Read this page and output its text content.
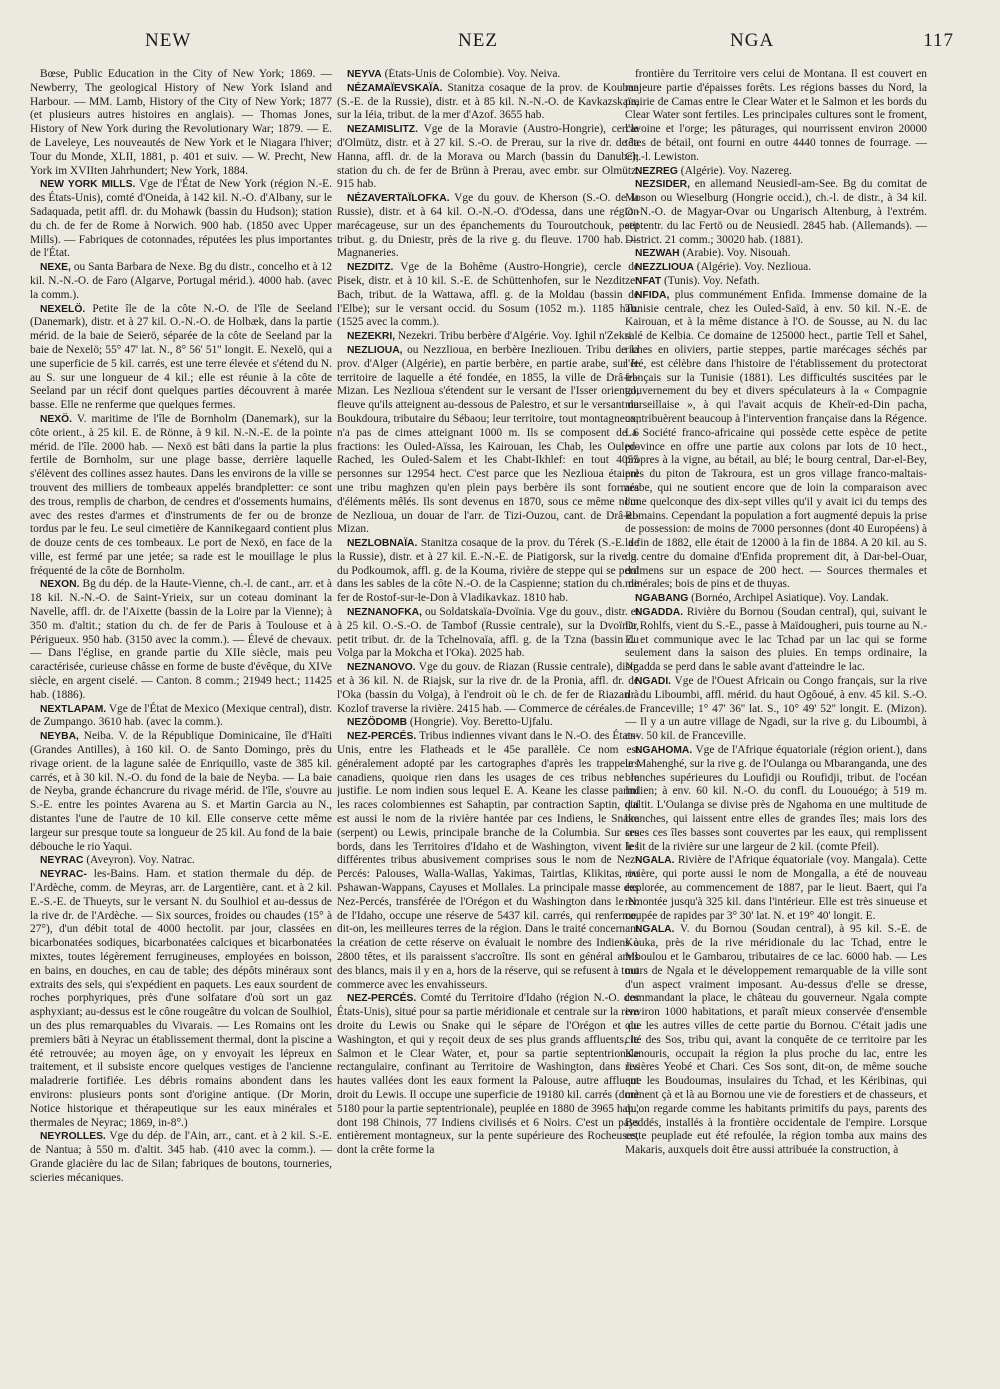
NEW	NEZ	NGA	117

Bœse, Public Education in the City of New York; 1869. — Newberry, The geological History of New York Island and Harbour. — MM. Lamb, History of the City of New York; 1877 (et plusieurs autres histoires en anglais). — Thomas Jones, History of New York during the Revolutionary War; 1879. — E. de Laveleye, Les nouveautés de New York et le Niagara l'hiver; Tour du Monde, XLII, 1881, p. 401 et suiv. — W. Precht, New York im XVIIten Jahrhundert; New York, 1884.

NEW YORK MILLS. Vge de l'État de New York (région N.-E. des États-Unis), comté d'Oneida, à 142 kil. N.-O. d'Albany, sur le Sadaquada, petit affl. dr. du Mohawk (bassin du Hudson); station du ch. de fer de Rome à Norwich. 900 hab. (1850 avec Upper Mills). — Fabriques de cotonnades, réputées les plus importantes de l'État.

NEXE, ou Santa Barbara de Nexe. Bg du distr., concelho et à 12 kil. N.-N.-O. de Faro (Algarve, Portugal mérid.). 4000 hab. (avec la comm.).

NEXELÖ. Petite île de la côte N.-O. de l'île de Seeland (Danemark), distr. et à 27 kil. O.-N.-O. de Holbæk, dans la partie mérid. de la baie de Seierö, séparée de la côte de Seeland par la baie de Nexelö; 55° 47' lat. N., 8° 56' 51'' longit. E. Nexelö, qui a une superficie de 5 kil. carrés, est une terre élevée et s'étend du N. au S. sur une longueur de 4 kil.; elle est réunie à la côte de Seeland par un récif dont quelques parties découvrent à marée basse. Elle ne renferme que quelques fermes.

NEXÖ. V. maritime de l'île de Bornholm (Danemark), sur la côte orient., à 25 kil. E. de Rönne, à 9 kil. N.-N.-E. de la pointe mérid. de l'île. 2000 hab. — Nexö est bâti dans la partie la plus fertile de Bornholm, sur une plage basse, derrière laquelle s'élèvent des collines assez hautes. Dans les environs de la ville se trouvent des milliers de tombeaux appelés brandpletter: ce sont des trous, remplis de charbon, de cendres et d'ossements humains, avec des restes d'armes et d'instruments de fer ou de bronze tordus par le feu. Le seul cimetière de Kannikegaard contient plus de douze cents de ces tombeaux. Le port de Nexö, en face de la ville, est fermé par une jetée; sa rade est le mouillage le plus fréquenté de la côte de Bornholm.

NEXON. Bg du dép. de la Haute-Vienne, ch.-l. de cant., arr. et à 18 kil. N.-N.-O. de Saint-Yrieix, sur un coteau dominant la Navelle, affl. dr. de l'Aixette (bassin de la Loire par la Vienne); à 350 m. d'altit.; station du ch. de fer de Paris à Toulouse et à Périgueux. 950 hab. (3150 avec la comm.). — Élevé de chevaux. — Dans l'église, en grande partie du XIIe siècle, mais peu caractérisée, curieuse châsse en forme de buste d'évêque, du XIVe siècle, en argent ciselé. — Canton. 8 comm.; 21949 hect.; 11425 hab. (1886).

NEXTLAPAM. Vge de l'État de Mexico (Mexique central), distr. de Zumpango. 3610 hab. (avec la comm.).

NEYBA, Neiba. V. de la République Dominicaine, île d'Haïti (Grandes Antilles), à 160 kil. O. de Santo Domingo, près du rivage orient. de la lagune salée de Enriquillo, vaste de 385 kil. carrés, et à 30 kil. N.-O. du fond de la baie de Neyba. — La baie de Neyba, grande échancrure du rivage mérid. de l'île, s'ouvre au S.-E. entre les pointes Avarena au S. et Martin Garcia au N., distantes l'une de l'autre de 10 kil. Elle conserve cette même largeur sur presque toute sa longueur de 25 kil. Au fond de la baie débouche le rio Yaqui.

NEYRAC (Aveyron). Voy. Natrac.

NEYRAC- les-Bains. Ham. et station thermale du dép. de l'Ardèche, comm. de Meyras, arr. de Largentière, cant. et à 2 kil. E.-S.-E. de Thueyts, sur le versant N. du Soulhiol et au-dessus de la rive dr. de l'Ardèche. — Six sources, froides ou chaudes (15° à 27°), d'un débit total de 4000 hectolit. par jour, classées en bicarbonatées sodiques, bicarbonatées calciques et bicarbonatées mixtes, toutes légèrement ferrugineuses, employées en boisson, en bains, en douches, en cau de table; des dépôts minéraux sont extraits des sels, qui s'expédient en paquets. Les eaux sourdent de roches porphyriques, près d'une solfatare d'où sort un gaz asphyxiant; au-dessus est le cône rougeâtre du volcan de Soulhiol, un des plus remarquables du Vivarais. — Les Romains ont les premiers bâti à Neyrac un établissement thermal, dont la piscine a été retrouvée; au moyen âge, on y envoyait les lépreux en traitement, et il subsiste encore quelques vestiges de l'ancienne maladrerie fortifiée. Les débris romains abondent dans les environs: plusieurs ponts sont d'origine antique. (Dr Morin, Notice historique et thérapeutique sur les eaux minérales et thermales de Neyrac; 1869, in-8°.)

NEYROLLES. Vge du dép. de l'Ain, arr., cant. et à 2 kil. S.-E. de Nantua; à 550 m. d'altit. 345 hab. (410 avec la comm.). — Grande glacière du lac de Silan; fabriques de boutons, tourneries, scieries mécaniques.

NEYVA (États-Unis de Colombie). Voy. Neiva.

NÉZAMAÏEVSKAÏA. Stanitza cosaque de la prov. de Kouban (S.-E. de la Russie), distr. et à 85 kil. N.-N.-O. de Kavkazskaïa, sur la Iéia, tribut. de la mer d'Azof. 3655 hab.

NEZAMISLITZ. Vge de la Moravie (Austro-Hongrie), cercle d'Olmütz, distr. et à 27 kil. S.-O. de Prerau, sur la rive dr. de la Hanna, affl. dr. de la Morava ou March (bassin du Danube); station du ch. de fer de Brünn à Prerau, avec embr. sur Olmütz. 915 hab.

NÉZAVERTAÏLOFKA. Vge du gouv. de Kherson (S.-O. de la Russie), distr. et à 64 kil. O.-N.-O. d'Odessa, dans une région marécageuse, sur un des épanchements du Touroutchouk, petit tribut. g. du Dniestr, près de la rive g. du fleuve. 1700 hab. — Magnaneries.

NEZDITZ. Vge de la Bohême (Austro-Hongrie), cercle de Pisek, distr. et à 10 kil. S.-E. de Schüttenhofen, sur le Nezditzer Bach, tribut. de la Wattawa, affl. g. de la Moldau (bassin de l'Elbe); sur le versant occid. du Sosum (1052 m.). 1185 hab. (1525 avec la comm.).

NEZEKRI, Nezekri. Tribu berbère d'Algérie. Voy. Ighil n'Zekri.

NEZLIOUA, ou Nezzlioua, en berbère Inezliouen. Tribu de la prov. d'Alger (Algérie), en partie berbère, en partie arabe, sur le territoire de laquelle a été fondée, en 1855, la ville de Drâ-el-Mizan. Les Nezlioua s'étendent sur le versant de l'Isser oriental, fleuve qu'ils atteignent au-dessous de Palestro, et sur le versant du Boukdoura, tributaire du Sébaou; leur territoire, tout montagneux, n'a pas de cimes atteignant 1000 m. Ils se composent de 6 fractions: les Ouled-Aïssa, les Kairouan, les Chab, les Ouled-Rached, les Ouled-Salem et les Chabt-Ikhlef: en tout 4055 personnes sur 12954 hect. C'est parce que les Nezlioua étaient une tribu maghzen qu'en plein pays berbère ils sont formés d'éléments mêlés. Ils sont devenus en 1870, sous ce même nom de Nezlioua, un douar de l'arr. de Tizi-Ouzou, cant. de Drâ-el-Mizan.

NEZLOBNAÏA. Stanitza cosaque de la prov. du Térek (S.-E. de la Russie), distr. et à 27 kil. E.-N.-E. de Piatigorsk, sur la rive g. du Podkoumok, affl. g. de la Kouma, rivière de steppe qui se perd dans les sables de la côte N.-O. de la Caspienne; station du ch. de fer de Rostof-sur-le-Don à Vladikavkaz. 1810 hab.

NEZNANOFKA, ou Soldatskaïa-Dvoïnia. Vge du gouv., distr. et à 25 kil. O.-S.-O. de Tambof (Russie centrale), sur la Dvoïnia, petit tribut. dr. de la Tchelnovaïa, affl. g. de la Tzna (bassin du Volga par la Mokcha et l'Oka). 2025 hab.

NEZNANOVO. Vge du gouv. de Riazan (Russie centrale), distr. et à 36 kil. N. de Riajsk, sur la rive dr. de la Pronia, affl. dr. de l'Oka (bassin du Volga), à l'endroit où le ch. de fer de Riazan à Kozlof traverse la rivière. 2415 hab. — Commerce de céréales.

NEZÖDOMB (Hongrie). Voy. Beretto-Ujfalu.

NEZ-PERCÉS. Tribus indiennes vivant dans le N.-O. des États-Unis, entre les Flatheads et le 45e parallèle. Ce nom est généralement adopté par les cartographes d'après les trappeurs canadiens, quoique rien dans les usages de ces tribus ne le justifie. Le nom indien sous lequel E. A. Keane les classe parmi les races colombiennes est Sahaptin, par contraction Saptin, qui est aussi le nom de la rivière hantée par ces Indiens, le Snake (serpent) ou Lewis, principale branche de la Columbia. Sur ses bords, dans les Territoires d'Idaho et de Washington, vivent les différentes tribus abusivement comprises sous le nom de Nez-Percés: Palouses, Walla-Wallas, Yakimas, Tairtlas, Klikitas, ou Pshawan-Wappans, Cayuses et Mollales. La principale masse des Nez-Percés, transférée de l'Orégon et du Washington dans le N. de l'Idaho, occupe une réserve de 5437 kil. carrés, qui renferme, dit-on, les meilleures terres de la région. Dans le traité concernant la création de cette réserve on évaluait le nombre des Indiens à 2800 têtes, et ils paraissent s'accroître. Ils sont en général amis des blancs, mais il y en a, hors de la réserve, qui se refusent à tout commerce avec les envahisseurs.

NEZ-PERCÉS. Comté du Territoire d'Idaho (région N.-O. des États-Unis), situé pour sa partie méridionale et centrale sur la rive droite du Lewis ou Snake qui le sépare de l'Orégon et du Washington, et qui y reçoit deux de ses plus grands affluents, le Salmon et le Clear Water, et, pour sa partie septentrionale rectangulaire, confinant au Territoire de Washington, dans les hautes vallées dont les eaux forment la Palouse, autre affluent droit du Lewis. Il occupe une superficie de 19180 kil. carrés (dont 5180 pour la partie septentrionale), peuplée en 1880 de 3965 hab., dont 198 Chinois, 77 Indiens civilisés et 6 Noirs. C'est un pays entièrement montagneux, sur la pente supérieure des Rocheuses, dont la crête forme la

frontière du Territoire vers celui de Montana. Il est couvert en majeure partie d'épaisses forêts. Les régions basses du Nord, la prairie de Camas entre le Clear Water et le Salmon et les bords du Clear Water sont fertiles. Les principales cultures sont le froment, l'avoine et l'orge; les pâturages, qui nourrissent environ 20000 têtes de bétail, ont fourni en outre 4440 tonnes de fourrage. — Ch.-l. Lewiston.

NEZREG (Algérie). Voy. Nazereg.

NEZSIDER, en allemand Neusiedl-am-See. Bg du comitat de Moson ou Wieselburg (Hongrie occid.), ch.-l. de distr., à 34 kil. O.-N.-O. de Magyar-Ovar ou Ungarisch Altenburg, à l'extrém. septentr. du lac Fertö ou de Neusiedl. 2845 hab. (Allemands). — District. 21 comm.; 30020 hab. (1881).

NEZWAH (Arabie). Voy. Nisouah.

NEZZLIOUA (Algérie). Voy. Nezlioua.

NFAT (Tunis). Voy. Nefath.

NFIDA, plus communément Enfida. Immense domaine de la Tunisie centrale, chez les Ouled-Saïd, à env. 50 kil. N.-E. de Kairouan, et à la même distance à l'O. de Sousse, au N. du lac salé de Kelbia. Ce domaine de 125000 hect., partie Tell et Sahel, riches en oliviers, partie steppes, partie marécages séchés par l'été, est célèbre dans l'histoire de l'établissement du protectorat français sur la Tunisie (1881). Les difficultés suscitées par le gouvernement du bey et divers spéculateurs à la « Compagnie marseillaise », à qui l'avait acquis de Kheïr-ed-Din pacha, contribuèrent beaucoup à l'intervention française dans la Régence. La Société franco-africaine qui possède cette espèce de petite province en offre une partie aux colons par lots de 10 hect., propres à la vigne, au bétail, au blé; le bourg central, Dar-el-Bey, près du piton de Takroura, est un gros village franco-maltais-arabe, qui ne soutient encore que de loin la comparaison avec l'une quelconque des dix-sept villes qu'il y avait ici du temps des Romains. Cependant la population a fort augmenté depuis la prise de possession: de moins de 7000 personnes (dont 40 Européens) à la fin de 1882, elle était de 12000 à la fin de 1884. A 20 kil. au S. du centre du domaine d'Enfida proprement dit, à Dar-bel-Ouar, dolmens sur un espace de 200 hect. — Sources thermales et minérales; bois de pins et de thuyas.

NGABANG (Bornéo, Archipel Asiatique). Voy. Landak.

NGADDA. Rivière du Bornou (Soudan central), qui, suivant le Dr Rohlfs, vient du S.-E., passe à Maïdougheri, puis tourne au N.-E. et communique avec le lac Tchad par un lac qui se forme seulement dans la saison des pluies. En temps ordinaire, la Ngadda se perd dans le sable avant d'atteindre le lac.

NGADI. Vge de l'Ouest Africain ou Congo français, sur la rive dr. du Liboumbi, affl. mérid. du haut Ogôoué, à env. 45 kil. S.-O. de Franceville; 1° 47' 36'' lat. S., 10° 49' 52'' longit. E. (Mizon). — Il y a un autre village de Ngadi, sur la rive g. du Liboumbi, à env. 50 kil. de Franceville.

NGAHOMA. Vge de l'Afrique équatoriale (région orient.), dans le Mahenghé, sur la rive g. de l'Oulanga ou Mbaranganda, une des branches supérieures du Loufidji ou Roufidji, tribut. de l'océan Indien; à env. 60 kil. N.-O. du confl. du Lououégo; à 519 m. d'altit. L'Oulanga se divise près de Ngahoma en une multitude de branches, qui laissent entre elles de grandes îles; mais lors des crues ces îles basses sont couvertes par les eaux, qui remplissent le lit de la rivière sur une largeur de 2 kil. (comte Pfeil).

NGALA. Rivière de l'Afrique équatoriale (voy. Mangala). Cette rivière, qui porte aussi le nom de Mongalla, a été de nouveau explorée, au commencement de 1887, par le lieut. Baert, qui l'a remontée jusqu'à 325 kil. dans l'intérieur. Elle est très sinueuse et coupée de rapides par 3° 30' lat. N. et 19° 40' longit. E.

NGALA. V. du Bornou (Soudan central), à 95 kil. S.-E. de Kouka, près de la rive méridionale du lac Tchad, entre le Mboulou et le Gambarou, tributaires de ce lac. 6000 hab. — Les murs de Ngala et le développement remarquable de la ville sont d'un aspect vraiment imposant. Au-dessus d'elle se dresse, commandant la place, le château du gouverneur. Ngala compte environ 1000 habitations, et paraît mieux conservée d'ensemble que les autres villes de cette partie du Bornou. C'était jadis une cité des Sos, tribu qui, avant la conquête de ce territoire par les Kanouris, occupait la région la plus proche du lac, entre les rivières Yeobé et Chari. Ces Sos sont, dit-on, de même souche que les Boudoumas, insulaires du Tchad, et les Kéribinas, qui mènent çà et là au Bornou une vie de forestiers et de chasseurs, et qu'on regarde comme les habitants primitifs du pays, parents des Beddés, installés à la frontière occidentale de l'empire. Lorsque cette peuplade eut été refoulée, la région tomba aux mains des Makaris, auxquels doit être aussi attribuée la construction, à
